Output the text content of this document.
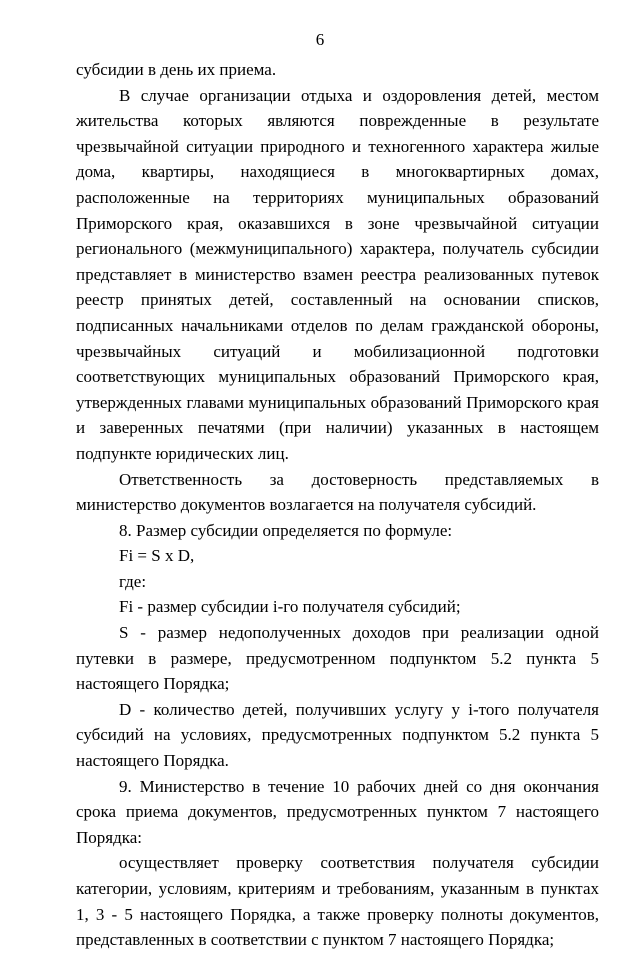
6

субсидии в день их приема.

В случае организации отдыха и оздоровления детей, местом жительства которых являются поврежденные в результате чрезвычайной ситуации природного и техногенного характера жилые дома, квартиры, находящиеся в многоквартирных домах, расположенные на территориях муниципальных образований Приморского края, оказавшихся в зоне чрезвычайной ситуации регионального (межмуниципального) характера, получатель субсидии представляет в министерство взамен реестра реализованных путевок реестр принятых детей, составленный на основании списков, подписанных начальниками отделов по делам гражданской обороны, чрезвычайных ситуаций и мобилизационной подготовки соответствующих муниципальных образований Приморского края, утвержденных главами муниципальных образований Приморского края и заверенных печатями (при наличии) указанных в настоящем подпункте юридических лиц.

Ответственность за достоверность представляемых в министерство документов возлагается на получателя субсидий.

8. Размер субсидии определяется по формуле:

Fi = S x D,

где:

Fi - размер субсидии i-го получателя субсидий;

S - размер недополученных доходов при реализации одной путевки в размере, предусмотренном подпунктом 5.2 пункта 5 настоящего Порядка;

D - количество детей, получивших услугу у i-того получателя субсидий на условиях, предусмотренных подпунктом 5.2 пункта 5 настоящего Порядка.

9. Министерство в течение 10 рабочих дней со дня окончания срока приема документов, предусмотренных пунктом 7 настоящего Порядка:

осуществляет проверку соответствия получателя субсидии категории, условиям, критериям и требованиям, указанным в пунктах 1, 3 - 5 настоящего Порядка, а также проверку полноты документов, представленных в соответствии с пунктом 7 настоящего Порядка;
